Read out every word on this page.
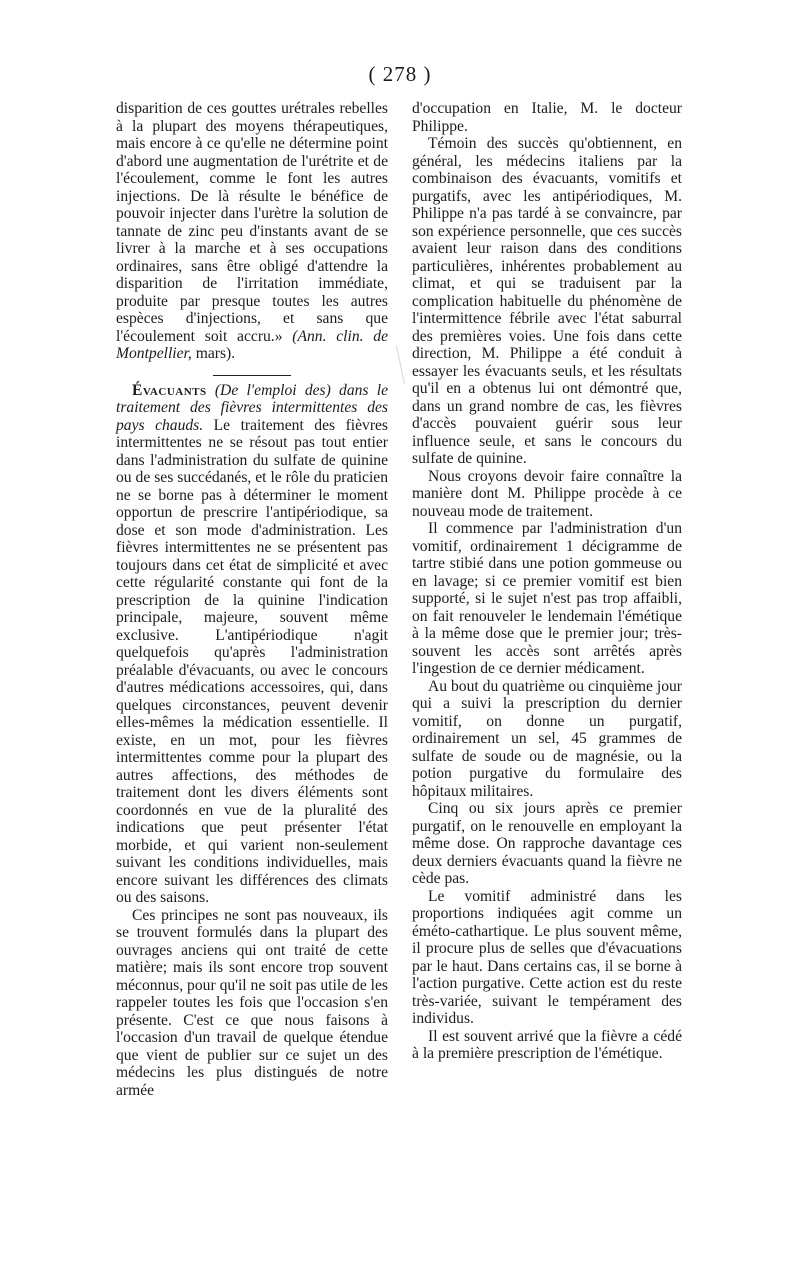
( 278 )

disparition de ces gouttes urétrales rebelles à la plupart des moyens thérapeutiques, mais encore à ce qu'elle ne détermine point d'abord une augmentation de l'urétrite et de l'écoulement, comme le font les autres injections. De là résulte le bénéfice de pouvoir injecter dans l'urètre la solution de tannate de zinc peu d'instants avant de se livrer à la marche et à ses occupations ordinaires, sans être obligé d'attendre la disparition de l'irritation immédiate, produite par presque toutes les autres espèces d'injections, et sans que l'écoulement soit accru.» (Ann. clin. de Montpellier, mars).

Évacuants (De l'emploi des) dans le traitement des fièvres intermittentes des pays chauds. Le traitement des fièvres intermittentes ne se résout pas tout entier dans l'administration du sulfate de quinine ou de ses succédanés, et le rôle du praticien ne se borne pas à déterminer le moment opportun de prescrire l'antipériodique, sa dose et son mode d'administration. Les fièvres intermittentes ne se présentent pas toujours dans cet état de simplicité et avec cette régularité constante qui font de la prescription de la quinine l'indication principale, majeure, souvent même exclusive. L'antipériodique n'agit quelquefois qu'après l'administration préalable d'évacuants, ou avec le concours d'autres médications accessoires, qui, dans quelques circonstances, peuvent devenir elles-mêmes la médication essentielle. Il existe, en un mot, pour les fièvres intermittentes comme pour la plupart des autres affections, des méthodes de traitement dont les divers éléments sont coordonnés en vue de la pluralité des indications que peut présenter l'état morbide, et qui varient non-seulement suivant les conditions individuelles, mais encore suivant les différences des climats ou des saisons.

Ces principes ne sont pas nouveaux, ils se trouvent formulés dans la plupart des ouvrages anciens qui ont traité de cette matière; mais ils sont encore trop souvent méconnus, pour qu'il ne soit pas utile de les rappeler toutes les fois que l'occasion s'en présente. C'est ce que nous faisons à l'occasion d'un travail de quelque étendue que vient de publier sur ce sujet un des médecins les plus distingués de notre armée

d'occupation en Italie, M. le docteur Philippe.

Témoin des succès qu'obtiennent, en général, les médecins italiens par la combinaison des évacuants, vomitifs et purgatifs, avec les antipériodiques, M. Philippe n'a pas tardé à se convaincre, par son expérience personnelle, que ces succès avaient leur raison dans des conditions particulières, inhérentes probablement au climat, et qui se traduisent par la complication habituelle du phénomène de l'intermittence fébrile avec l'état saburral des premières voies. Une fois dans cette direction, M. Philippe a été conduit à essayer les évacuants seuls, et les résultats qu'il en a obtenus lui ont démontré que, dans un grand nombre de cas, les fièvres d'accès pouvaient guérir sous leur influence seule, et sans le concours du sulfate de quinine.

Nous croyons devoir faire connaître la manière dont M. Philippe procède à ce nouveau mode de traitement.

Il commence par l'administration d'un vomitif, ordinairement 1 décigramme de tartre stibié dans une potion gommeuse ou en lavage; si ce premier vomitif est bien supporté, si le sujet n'est pas trop affaibli, on fait renouveler le lendemain l'émétique à la même dose que le premier jour; très-souvent les accès sont arrêtés après l'ingestion de ce dernier médicament.

Au bout du quatrième ou cinquième jour qui a suivi la prescription du dernier vomitif, on donne un purgatif, ordinairement un sel, 45 grammes de sulfate de soude ou de magnésie, ou la potion purgative du formulaire des hôpitaux militaires.

Cinq ou six jours après ce premier purgatif, on le renouvelle en employant la même dose. On rapproche davantage ces deux derniers évacuants quand la fièvre ne cède pas.

Le vomitif administré dans les proportions indiquées agit comme un éméto-cathartique. Le plus souvent même, il procure plus de selles que d'évacuations par le haut. Dans certains cas, il se borne à l'action purgative. Cette action est du reste très-variée, suivant le tempérament des individus.

Il est souvent arrivé que la fièvre a cédé à la première prescription de l'émétique.
